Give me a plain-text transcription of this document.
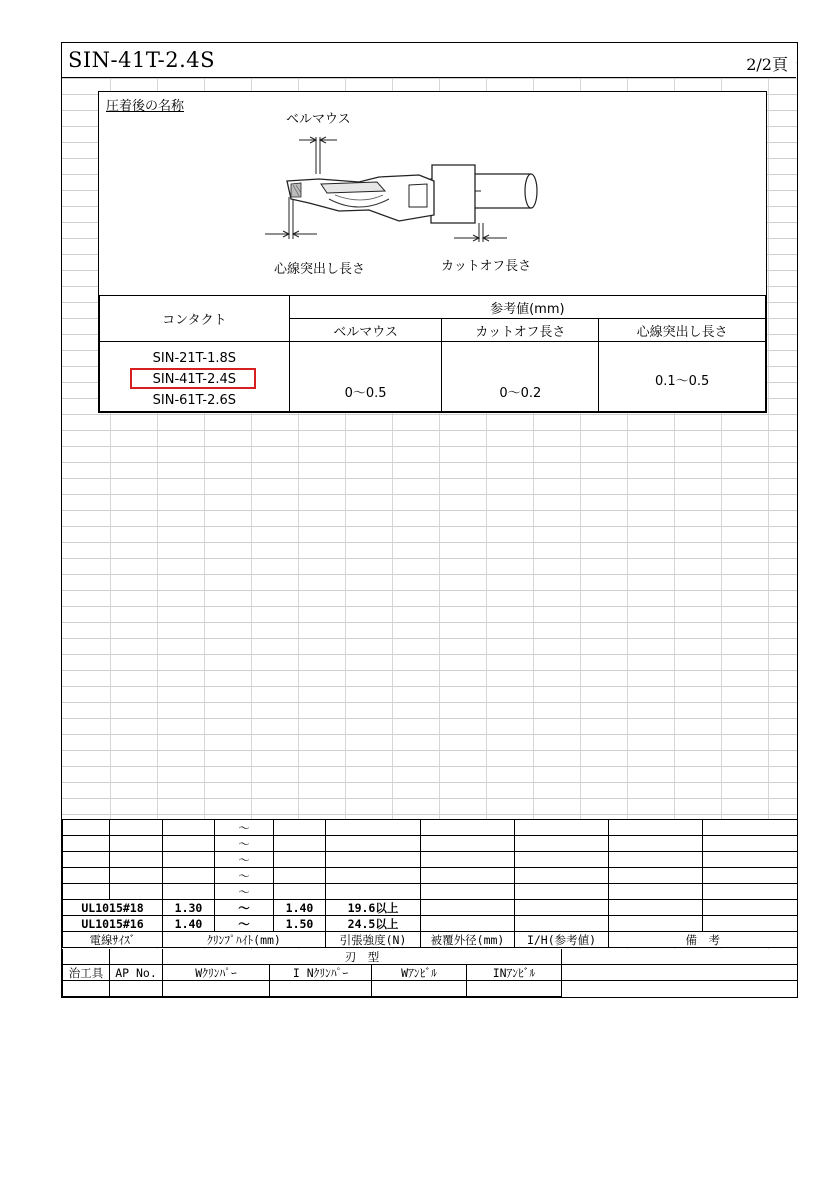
SIN-41T-2.4S	2/2頁
圧着後の名称
ベルマウス
心線突出し長さ	カットオフ長さ
コンタクト	参考値(mm)		
	ベルマウス	カットオフ長さ	心線突出し長さ

SIN-21T-1.8S
SIN-41T-2.4S
SIN-61T-2.6S	0～0.5	0～0.2	0.1～0.5
			～						
			～						
			～						
			～						
			～						
UL1015#18		1.30	～	1.40	19.6以上				
UL1015#16		1.40	～	1.50	24.5以上				
電線ｻｲｽﾞ		ｸﾘﾝﾌﾟﾊｲﾄ(mm)			引張強度(N)	被覆外径(mm)	I/H(参考値)	備　考	
		刃　型				
治工具	AP No.	Wｸﾘﾝﾊﾟｰ	I Nｸﾘﾝﾊﾟｰ	Wｱﾝﾋﾞﾙ	INｱﾝﾋﾞﾙ	
